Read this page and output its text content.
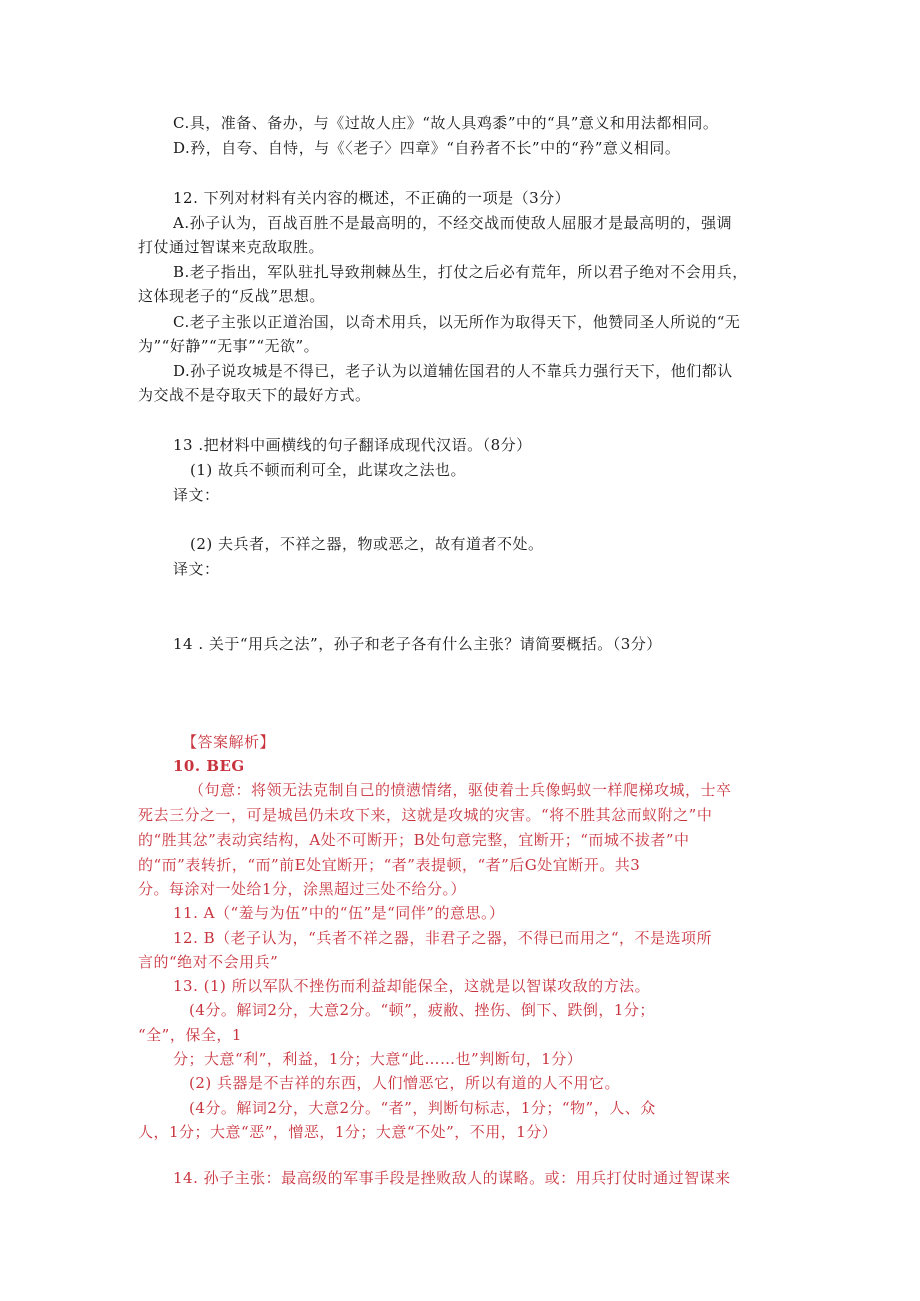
C.具，准备、备办，与《过故人庄》“故人具鸡黍”中的“具”意义和用法都相同。
D.矜，自夸、自恃，与《〈老子〉四章》“自矜者不长”中的“矜”意义相同。
12. 下列对材料有关内容的概述，不正确的一项是（3分）
A.孙子认为，百战百胜不是最高明的，不经交战而使敌人屈服才是最高明的，强调
打仗通过智谋来克敌取胜。
B.老子指出，军队驻扎导致荆棘丛生，打仗之后必有荒年，所以君子绝对不会用兵，
这体现老子的“反战”思想。
C.老子主张以正道治国，以奇术用兵，以无所作为取得天下，他赞同圣人所说的“无
为”“好静”“无事”“无欲”。
D.孙子说攻城是不得已，老子认为以道辅佐国君的人不靠兵力强行天下，他们都认
为交战不是夺取天下的最好方式。
13 .把材料中画横线的句子翻译成现代汉语。（8分）
(1) 故兵不顿而利可全，此谋攻之法也。
译文：
(2) 夫兵者，不祥之器，物或恶之，故有道者不处。
译文：
14 . 关于“用兵之法”，孙子和老子各有什么主张？请简要概括。（3分）
【答案解析】
10. BEG
（句意：将领无法克制自己的愤懑情绪，驱使着士兵像蚂蚁一样爬梯攻城，士卒
死去三分之一，可是城邑仍未攻下来，这就是攻城的灾害。“将不胜其忿而蚁附之”中
的“胜其忿”表动宾结构，A处不可断开；B处句意完整，宜断开；“而城不拔者”中
的“而”表转折，“而”前E处宜断开；“者”表提顿，“者”后G处宜断开。共3
分。每涂对一处给1分，涂黑超过三处不给分。）
11. A（“羞与为伍”中的“伍”是“同伴”的意思。）
12. B（老子认为，“兵者不祥之器，非君子之器，不得已而用之“，不是选项所
言的“绝对不会用兵”
13. (1) 所以军队不挫伤而利益却能保全，这就是以智谋攻敌的方法。
(4分。解词2分，大意2分。“顿”，疲敝、挫伤、倒下、跌倒，1分；
“全”，保全，1
分；大意“利”，利益，1分；大意“此……也”判断句，1分）
(2) 兵器是不吉祥的东西，人们憎恶它，所以有道的人不用它。
(4分。解词2分，大意2分。“者”，判断句标志，1分；“物”，人、众
人，1分；大意“恶”，憎恶，1分；大意“不处”，不用，1分）
14. 孙子主张：最高级的军事手段是挫败敌人的谋略。或：用兵打仗时通过智谋来
